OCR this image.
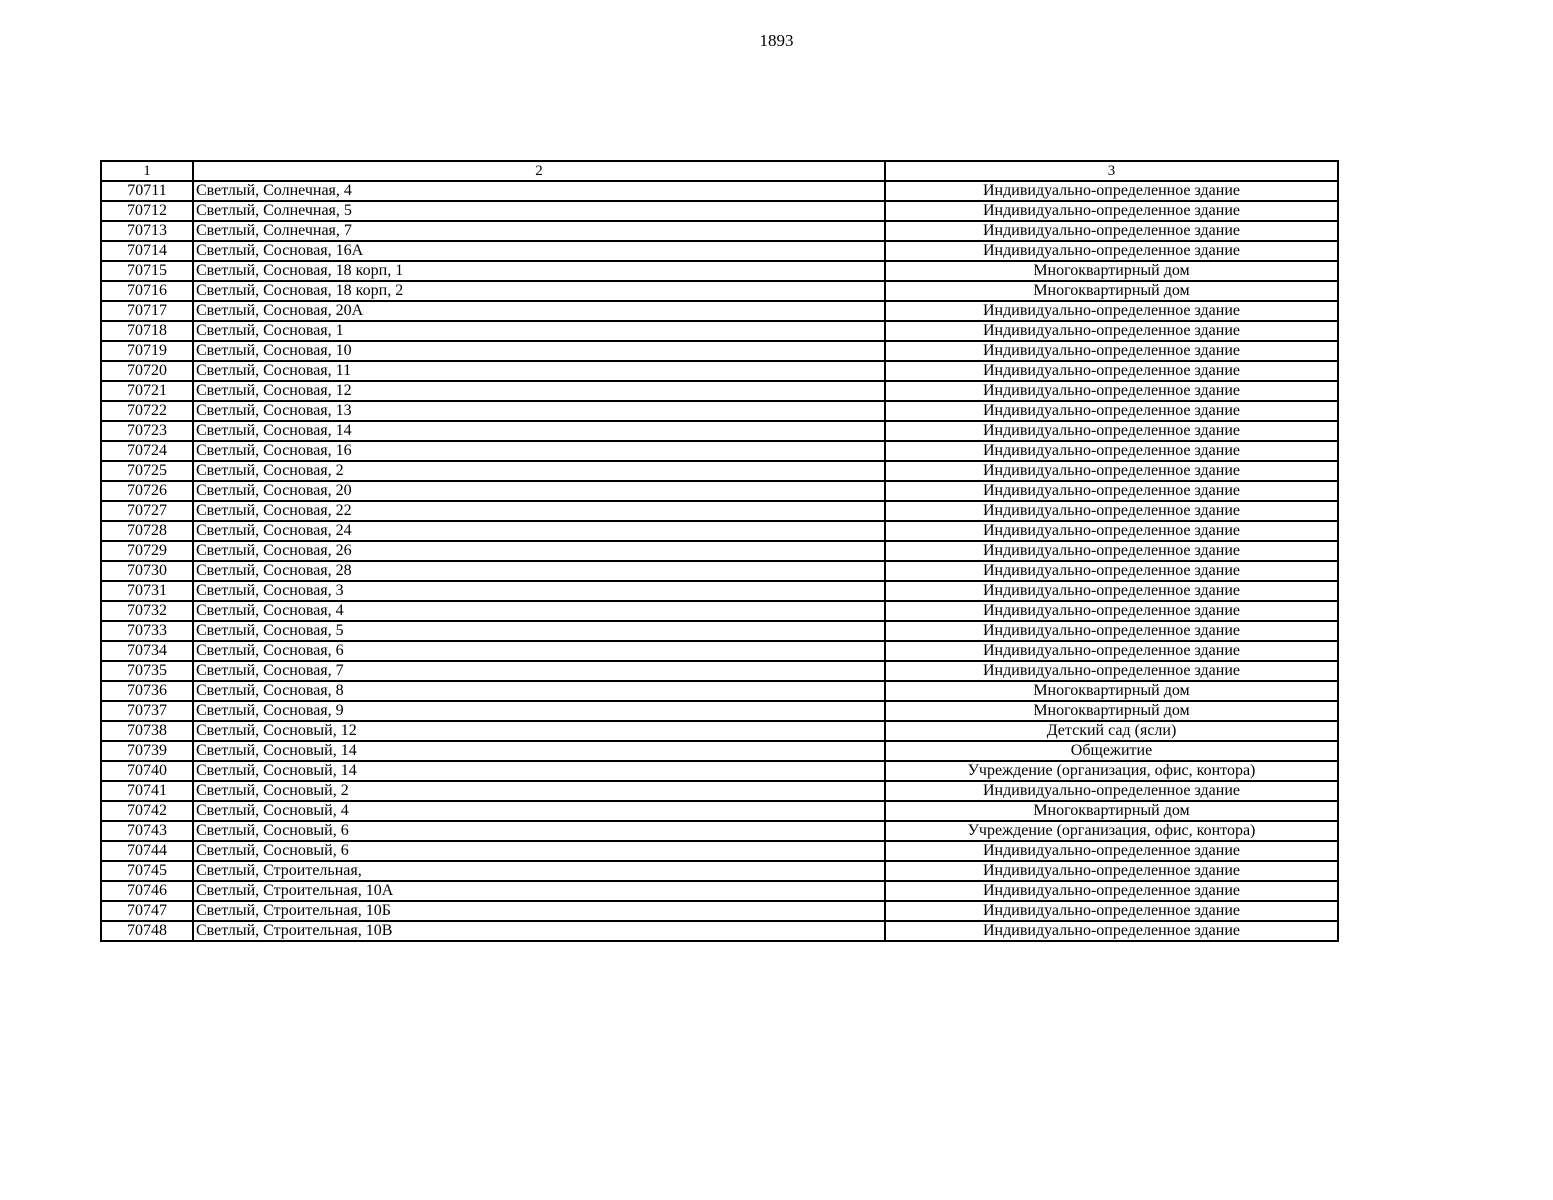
1893
1	2	3
70711	Светлый, Солнечная, 4	Индивидуально-определенное здание
70712	Светлый, Солнечная, 5	Индивидуально-определенное здание
70713	Светлый, Солнечная, 7	Индивидуально-определенное здание
70714	Светлый, Сосновая, 16А	Индивидуально-определенное здание
70715	Светлый, Сосновая, 18 корп, 1	Многоквартирный дом
70716	Светлый, Сосновая, 18 корп, 2	Многоквартирный дом
70717	Светлый, Сосновая, 20А	Индивидуально-определенное здание
70718	Светлый, Сосновая, 1	Индивидуально-определенное здание
70719	Светлый, Сосновая, 10	Индивидуально-определенное здание
70720	Светлый, Сосновая, 11	Индивидуально-определенное здание
70721	Светлый, Сосновая, 12	Индивидуально-определенное здание
70722	Светлый, Сосновая, 13	Индивидуально-определенное здание
70723	Светлый, Сосновая, 14	Индивидуально-определенное здание
70724	Светлый, Сосновая, 16	Индивидуально-определенное здание
70725	Светлый, Сосновая, 2	Индивидуально-определенное здание
70726	Светлый, Сосновая, 20	Индивидуально-определенное здание
70727	Светлый, Сосновая, 22	Индивидуально-определенное здание
70728	Светлый, Сосновая, 24	Индивидуально-определенное здание
70729	Светлый, Сосновая, 26	Индивидуально-определенное здание
70730	Светлый, Сосновая, 28	Индивидуально-определенное здание
70731	Светлый, Сосновая, 3	Индивидуально-определенное здание
70732	Светлый, Сосновая, 4	Индивидуально-определенное здание
70733	Светлый, Сосновая, 5	Индивидуально-определенное здание
70734	Светлый, Сосновая, 6	Индивидуально-определенное здание
70735	Светлый, Сосновая, 7	Индивидуально-определенное здание
70736	Светлый, Сосновая, 8	Многоквартирный дом
70737	Светлый, Сосновая, 9	Многоквартирный дом
70738	Светлый, Сосновый, 12	Детский сад (ясли)
70739	Светлый, Сосновый, 14	Общежитие
70740	Светлый, Сосновый, 14	Учреждение (организация, офис, контора)
70741	Светлый, Сосновый, 2	Индивидуально-определенное здание
70742	Светлый, Сосновый, 4	Многоквартирный дом
70743	Светлый, Сосновый, 6	Учреждение (организация, офис, контора)
70744	Светлый, Сосновый, 6	Индивидуально-определенное здание
70745	Светлый, Строительная,	Индивидуально-определенное здание
70746	Светлый, Строительная, 10А	Индивидуально-определенное здание
70747	Светлый, Строительная, 10Б	Индивидуально-определенное здание
70748	Светлый, Строительная, 10В	Индивидуально-определенное здание
